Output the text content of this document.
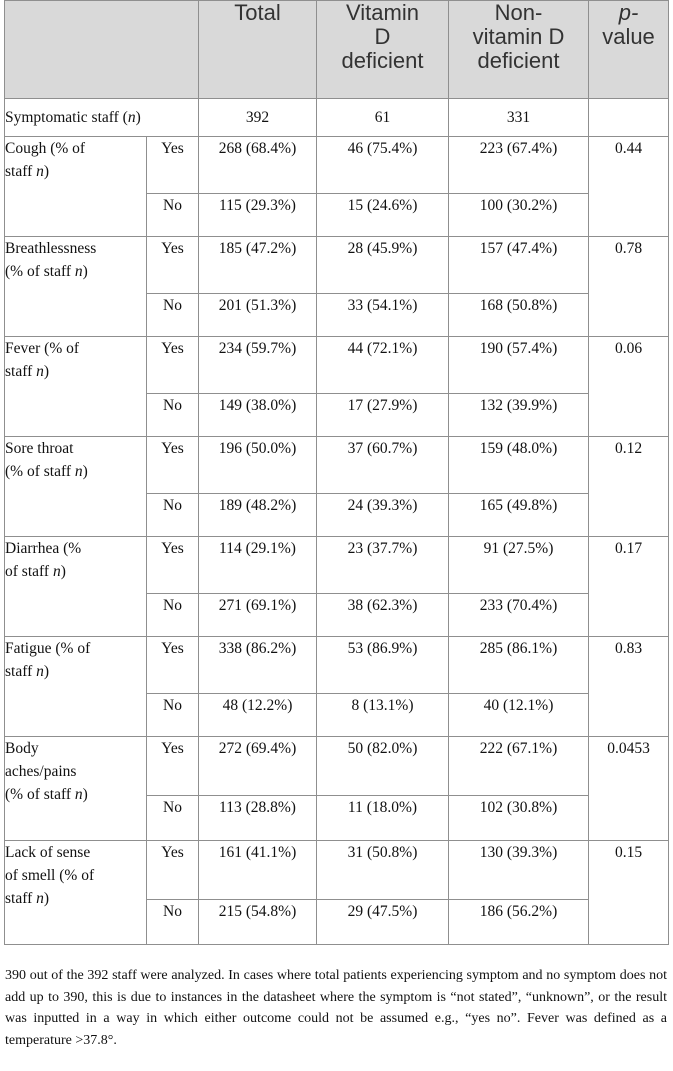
		Total	Vitamin
D
deficient	Non-
vitamin D
deficient	p-
value
Symptomatic staff (n)		392	61	331	
Cough (% of
staff n)	Yes	268 (68.4%)	46 (75.4%)	223 (67.4%)	0.44
	No	115 (29.3%)	15 (24.6%)	100 (30.2%)	
Breathlessness
(% of staff n)	Yes	185 (47.2%)	28 (45.9%)	157 (47.4%)	0.78
	No	201 (51.3%)	33 (54.1%)	168 (50.8%)	
Fever (% of
staff n)	Yes	234 (59.7%)	44 (72.1%)	190 (57.4%)	0.06
	No	149 (38.0%)	17 (27.9%)	132 (39.9%)	
Sore throat
(% of staff n)	Yes	196 (50.0%)	37 (60.7%)	159 (48.0%)	0.12
	No	189 (48.2%)	24 (39.3%)	165 (49.8%)	
Diarrhea (%
of staff n)	Yes	114 (29.1%)	23 (37.7%)	91 (27.5%)	0.17
	No	271 (69.1%)	38 (62.3%)	233 (70.4%)	
Fatigue (% of
staff n)	Yes	338 (86.2%)	53 (86.9%)	285 (86.1%)	0.83
	No	48 (12.2%)	8 (13.1%)	40 (12.1%)	
Body
aches/pains
(% of staff n)	Yes	272 (69.4%)	50 (82.0%)	222 (67.1%)	0.0453
	No	113 (28.8%)	11 (18.0%)	102 (30.8%)	
Lack of sense
of smell (% of
staff n)	Yes	161 (41.1%)	31 (50.8%)	130 (39.3%)	0.15
	No	215 (54.8%)	29 (47.5%)	186 (56.2%)	
390 out of the 392 staff were analyzed. In cases where total patients experiencing symptom and no symptom does not add up to 390, this is due to instances in the datasheet where the symptom is “not stated”, “unknown”, or the result was inputted in a way in which either outcome could not be assumed e.g., “yes no”. Fever was defined as a temperature >37.8°.
